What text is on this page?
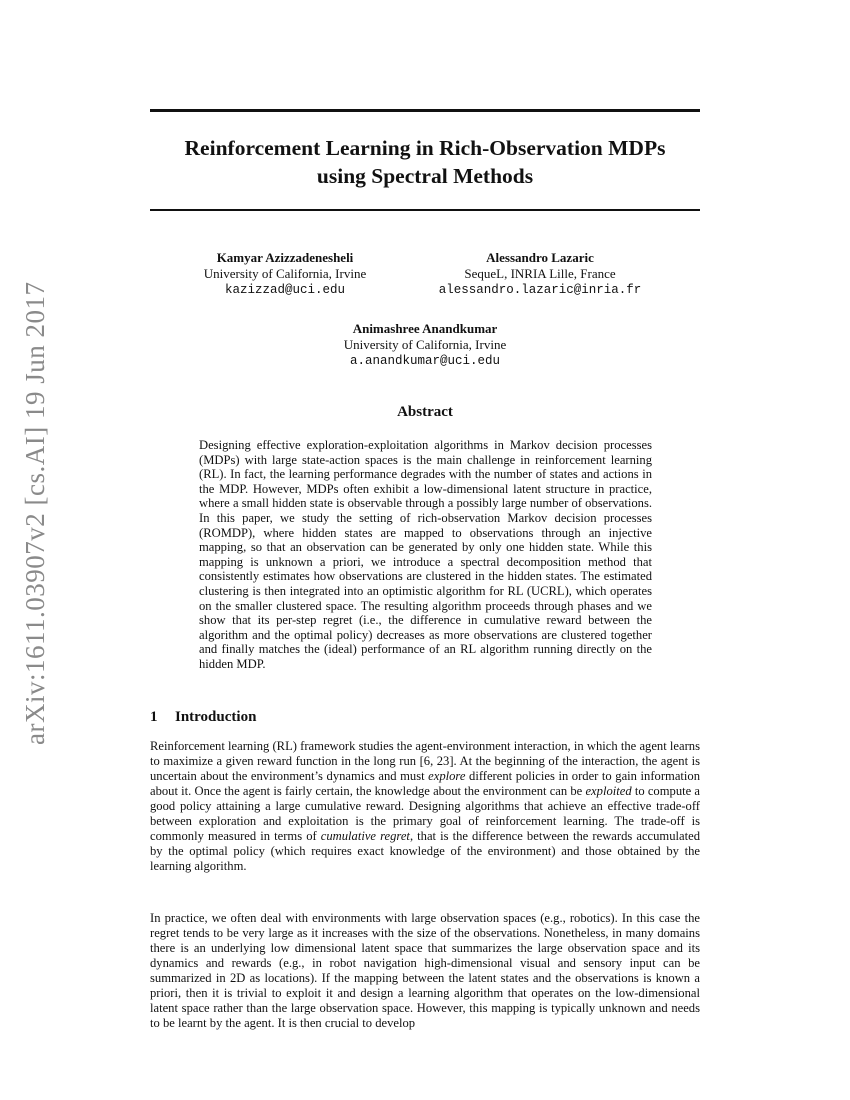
arXiv:1611.03907v2 [cs.AI] 19 Jun 2017
Reinforcement Learning in Rich-Observation MDPs
using Spectral Methods
Kamyar Azizzadenesheli
University of California, Irvine
kazizzad@uci.edu
Alessandro Lazaric
SequeL, INRIA Lille, France
alessandro.lazaric@inria.fr
Animashree Anandkumar
University of California, Irvine
a.anandkumar@uci.edu
Abstract
Designing effective exploration-exploitation algorithms in Markov decision processes (MDPs) with large state-action spaces is the main challenge in reinforcement learning (RL). In fact, the learning performance degrades with the number of states and actions in the MDP. However, MDPs often exhibit a low-dimensional latent structure in practice, where a small hidden state is observable through a possibly large number of observations. In this paper, we study the setting of rich-observation Markov decision processes (ROMDP), where hidden states are mapped to observations through an injective mapping, so that an observation can be generated by only one hidden state. While this mapping is unknown a priori, we introduce a spectral decomposition method that consistently estimates how observations are clustered in the hidden states. The estimated clustering is then integrated into an optimistic algorithm for RL (UCRL), which operates on the smaller clustered space. The resulting algorithm proceeds through phases and we show that its per-step regret (i.e., the difference in cumulative reward between the algorithm and the optimal policy) decreases as more observations are clustered together and finally matches the (ideal) performance of an RL algorithm running directly on the hidden MDP.
1 Introduction

Reinforcement learning (RL) framework studies the agent-environment interaction, in which the agent learns to maximize a given reward function in the long run [6, 23]. At the beginning of the interaction, the agent is uncertain about the environment’s dynamics and must explore different policies in order to gain information about it. Once the agent is fairly certain, the knowledge about the environment can be exploited to compute a good policy attaining a large cumulative reward. Designing algorithms that achieve an effective trade-off between exploration and exploitation is the primary goal of reinforcement learning. The trade-off is commonly measured in terms of cumulative regret, that is the difference between the rewards accumulated by the optimal policy (which requires exact knowledge of the environment) and those obtained by the learning algorithm.

In practice, we often deal with environments with large observation spaces (e.g., robotics). In this case the regret tends to be very large as it increases with the size of the observations. Nonetheless, in many domains there is an underlying low dimensional latent space that summarizes the large observation space and its dynamics and rewards (e.g., in robot navigation high-dimensional visual and sensory input can be summarized in 2D as locations). If the mapping between the latent states and the observations is known a priori, then it is trivial to exploit it and design a learning algorithm that operates on the low-dimensional latent space rather than the large observation space. However, this mapping is typically unknown and needs to be learnt by the agent. It is then crucial to develop
